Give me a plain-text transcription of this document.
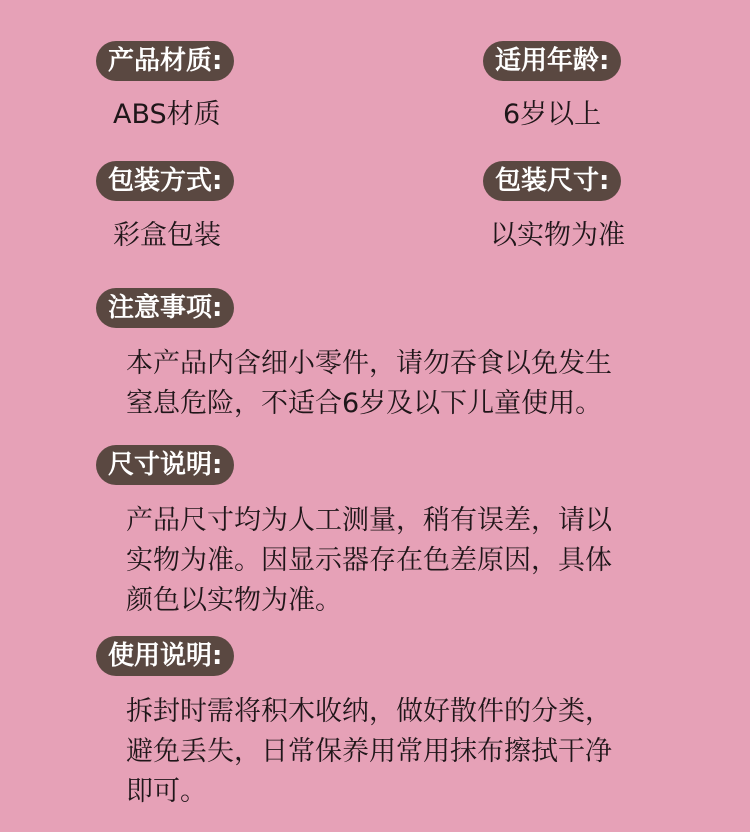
产品材质:
ABS材质
适用年龄:
6岁以上
包装方式:
彩盒包装
包装尺寸:
以实物为准
注意事项:
本产品内含细小零件，请勿吞食以免发生
窒息危险，不适合6岁及以下儿童使用。
尺寸说明:
产品尺寸均为人工测量，稍有误差，请以
实物为准。因显示器存在色差原因，具体
颜色以实物为准。
使用说明:
拆封时需将积木收纳，做好散件的分类，
避免丢失，日常保养用常用抹布擦拭干净
即可。
